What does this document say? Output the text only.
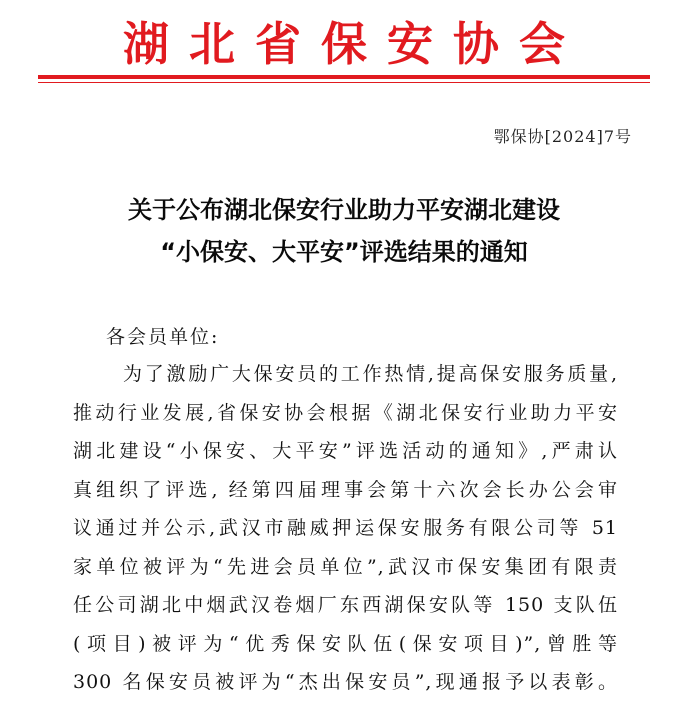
湖北省保安协会
鄂保协[2024]7号
关于公布湖北保安行业助力平安湖北建设
“小保安、大平安”评选结果的通知
各会员单位:
为了激励广大保安员的工作热情,提高保安服务质量,
推动行业发展,省保安协会根据《湖北保安行业助力平安
湖北建设“小保安、大平安”评选活动的通知》,严肃认
真组织了评选, 经第四届理事会第十六次会长办公会审
议通过并公示,武汉市融威押运保安服务有限公司等 51
家单位被评为“先进会员单位”,武汉市保安集团有限责
任公司湖北中烟武汉卷烟厂东西湖保安队等 150 支队伍
(项目)被评为“优秀保安队伍(保安项目)”,曾胜等
300 名保安员被评为“杰出保安员”,现通报予以表彰。
